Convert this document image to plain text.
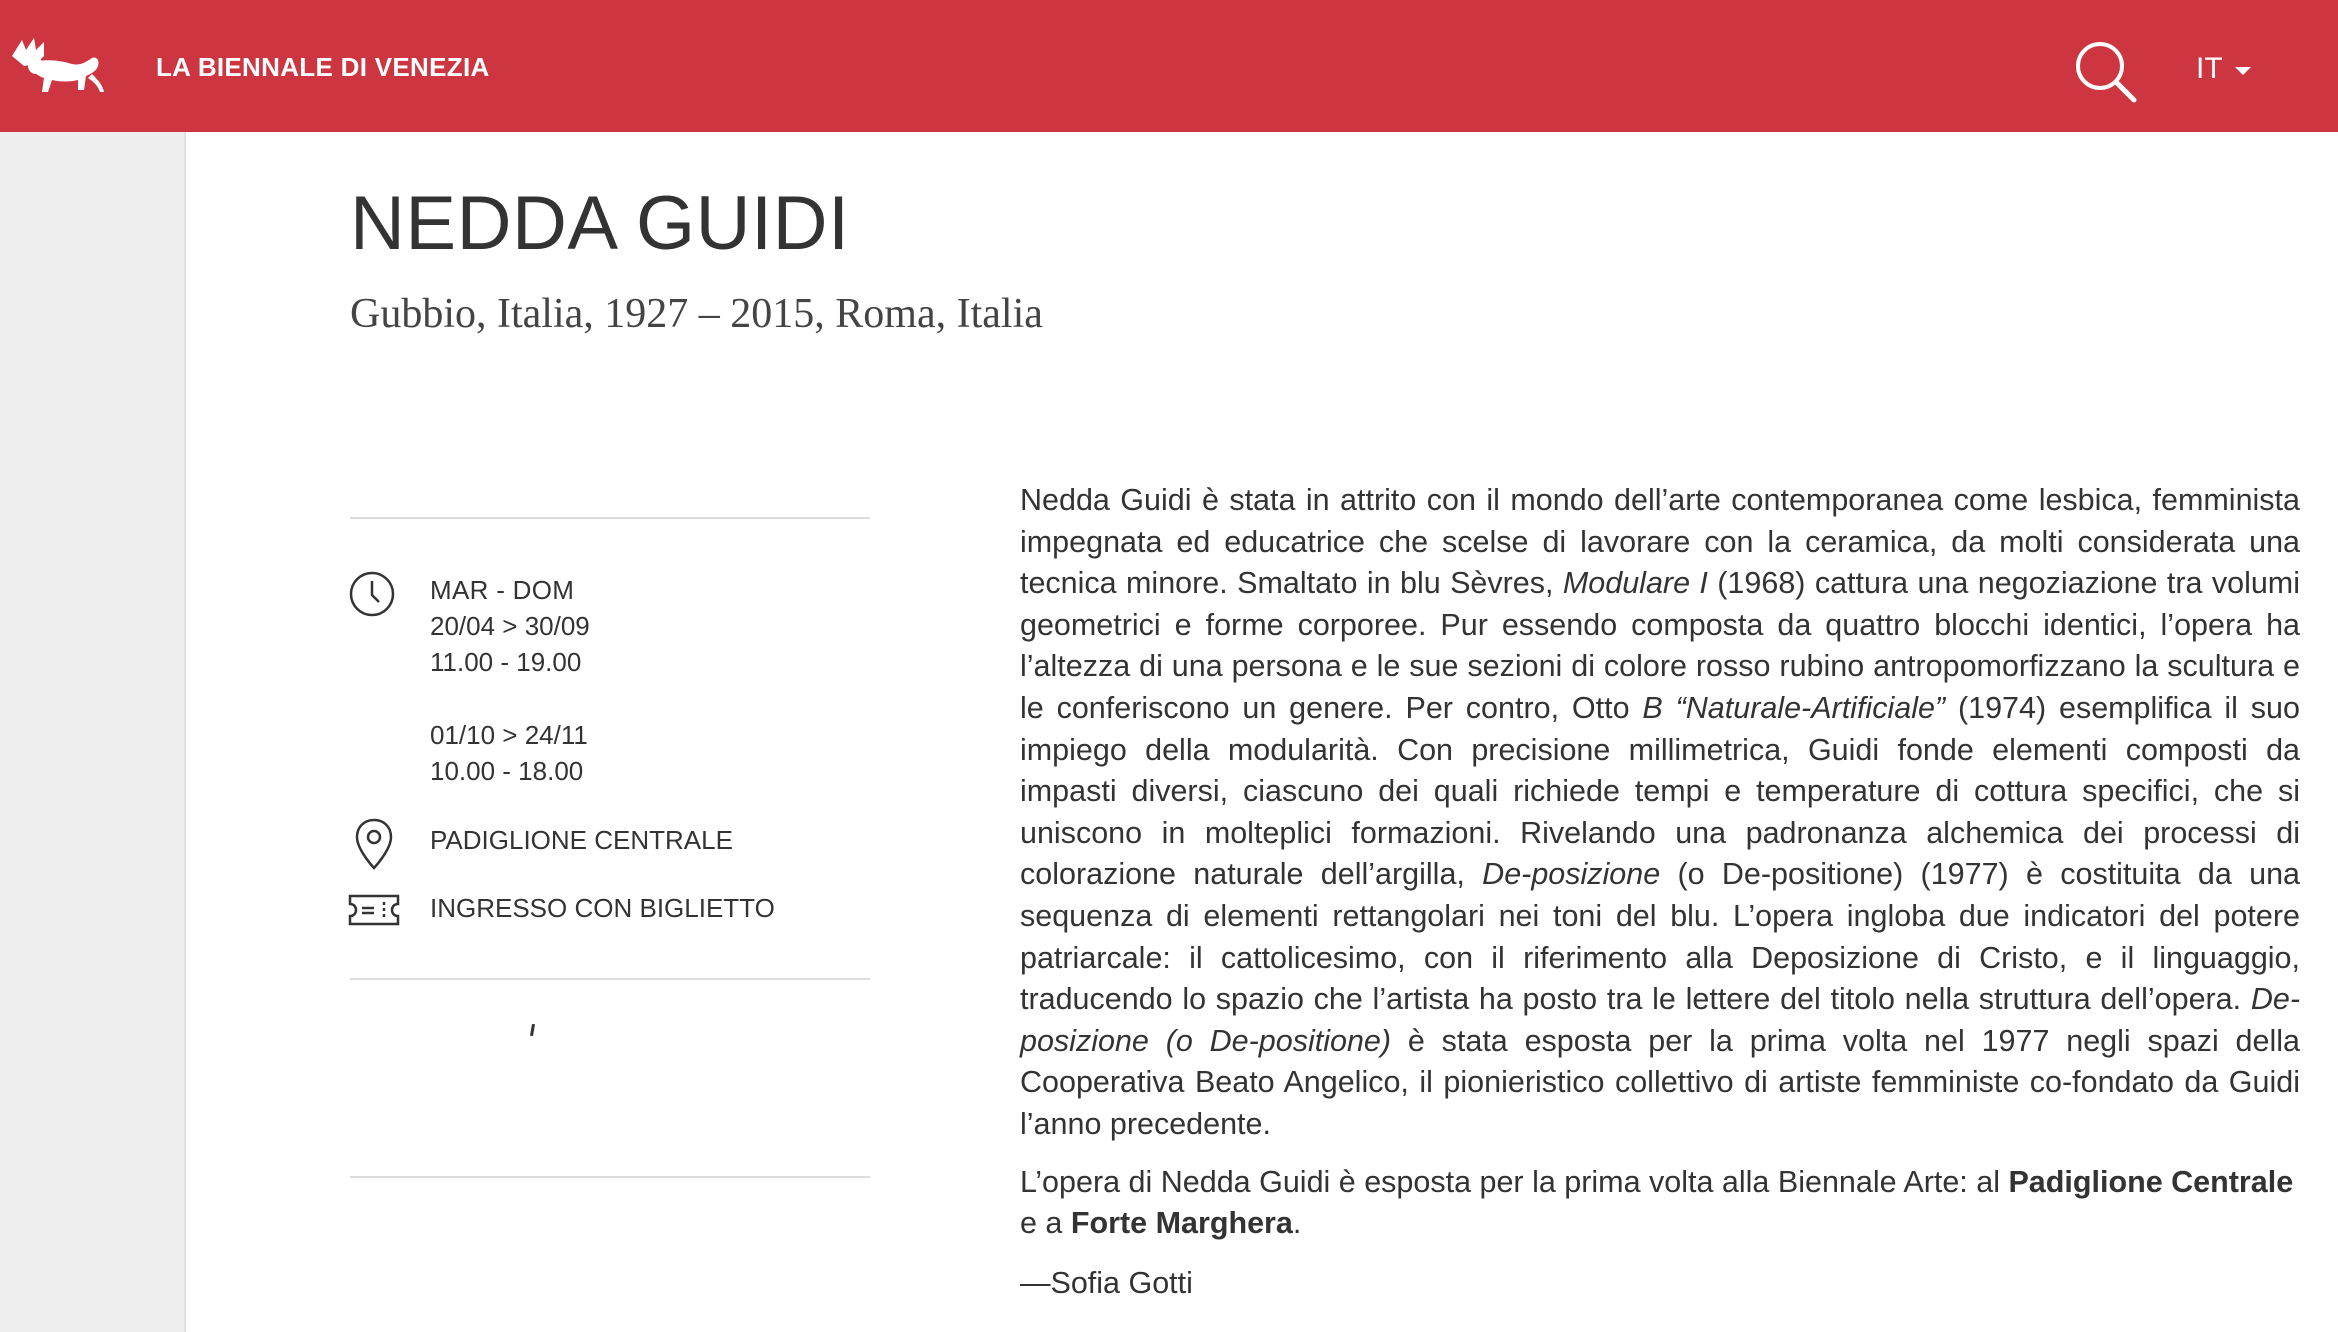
LA BIENNALE DI VENEZIA	IT
NEDDA GUIDI
Gubbio, Italia, 1927 – 2015, Roma, Italia
MAR - DOM
20/04 > 30/09
11.00 - 19.00
01/10 > 24/11
10.00 - 18.00
PADIGLIONE CENTRALE
INGRESSO CON BIGLIETTO

Nedda Guidi è stata in attrito con il mondo dell’arte contemporanea come lesbica, femminista impegnata ed educatrice che scelse di lavorare con la ceramica, da molti considerata una tecnica minore. Smaltato in blu Sèvres, Modulare I (1968) cattura una negoziazione tra volumi geometrici e forme corporee. Pur essendo composta da quattro blocchi identici, l’opera ha l’altezza di una persona e le sue sezioni di colore rosso rubino antropomorfizzano la scultura e le conferiscono un genere. Per contro, Otto B “Naturale-Artificiale” (1974) esemplifica il suo impiego della modularità. Con precisione millimetrica, Guidi fonde elementi composti da impasti diversi, ciascuno dei quali richiede tempi e temperature di cottura specifici, che si uniscono in molteplici formazioni. Rivelando una padronanza alchemica dei processi di colorazione naturale dell’argilla, De-posizione (o De-positione) (1977) è costituita da una sequenza di elementi rettangolari nei toni del blu. L’opera ingloba due indicatori del potere patriarcale: il cattolicesimo, con il riferimento alla Deposizione di Cristo, e il linguaggio, traducendo lo spazio che l’artista ha posto tra le lettere del titolo nella struttura dell’opera. De-posizione (o De-positione) è stata esposta per la prima volta nel 1977 negli spazi della Cooperativa Beato Angelico, il pionieristico collettivo di artiste femministe co-fondato da Guidi l’anno precedente.

L’opera di Nedda Guidi è esposta per la prima volta alla Biennale Arte: al Padiglione Centrale e a Forte Marghera.

—Sofia Gotti
